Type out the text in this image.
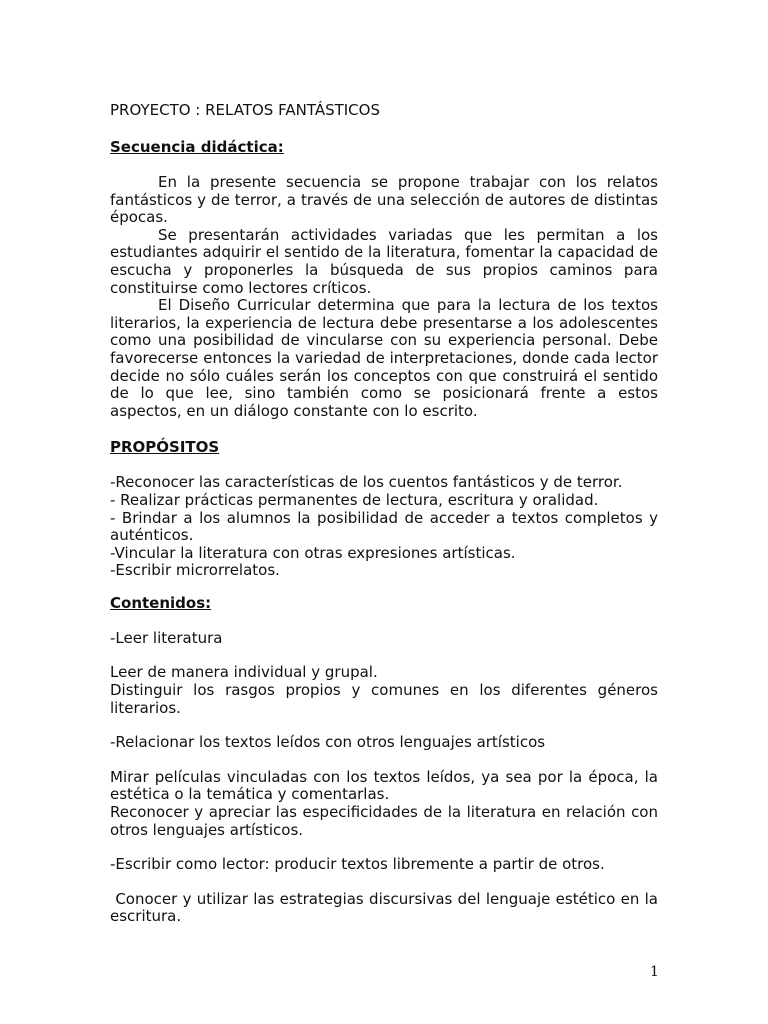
PROYECTO : RELATOS FANTÁSTICOS

Secuencia didáctica:

En la presente secuencia se propone trabajar con los relatos fantásticos y de terror, a través de una selección de autores de distintas épocas.

Se presentarán actividades variadas que les permitan a los estudiantes adquirir el sentido de la literatura, fomentar la capacidad de escucha y proponerles la búsqueda de sus propios caminos para constituirse como lectores críticos.

El Diseño Curricular determina que para la lectura de los textos literarios, la experiencia de lectura debe presentarse a los adolescentes como una posibilidad de vincularse con su experiencia personal. Debe favorecerse entonces la variedad de interpretaciones, donde cada lector decide no sólo cuáles serán los conceptos con que construirá el sentido de lo que lee, sino también como se posicionará frente a estos aspectos, en un diálogo constante con lo escrito.

PROPÓSITOS

-Reconocer las características de los cuentos fantásticos y de terror.

- Realizar prácticas permanentes de lectura, escritura y oralidad.

- Brindar a los alumnos la posibilidad de acceder a textos completos y auténticos.

-Vincular la literatura con otras expresiones artísticas.

-Escribir microrrelatos.

Contenidos:

-Leer literatura

Leer de manera individual y grupal.

Distinguir los rasgos propios y comunes en los diferentes géneros literarios.

-Relacionar los textos leídos con otros lenguajes artísticos

Mirar películas vinculadas con los textos leídos, ya sea por la época, la estética o la temática y comentarlas.

Reconocer y apreciar las especificidades de la literatura en relación con otros lenguajes artísticos.

-Escribir como lector: producir textos libremente a partir de otros.

Conocer y utilizar las estrategias discursivas del lenguaje estético en la escritura.

1
